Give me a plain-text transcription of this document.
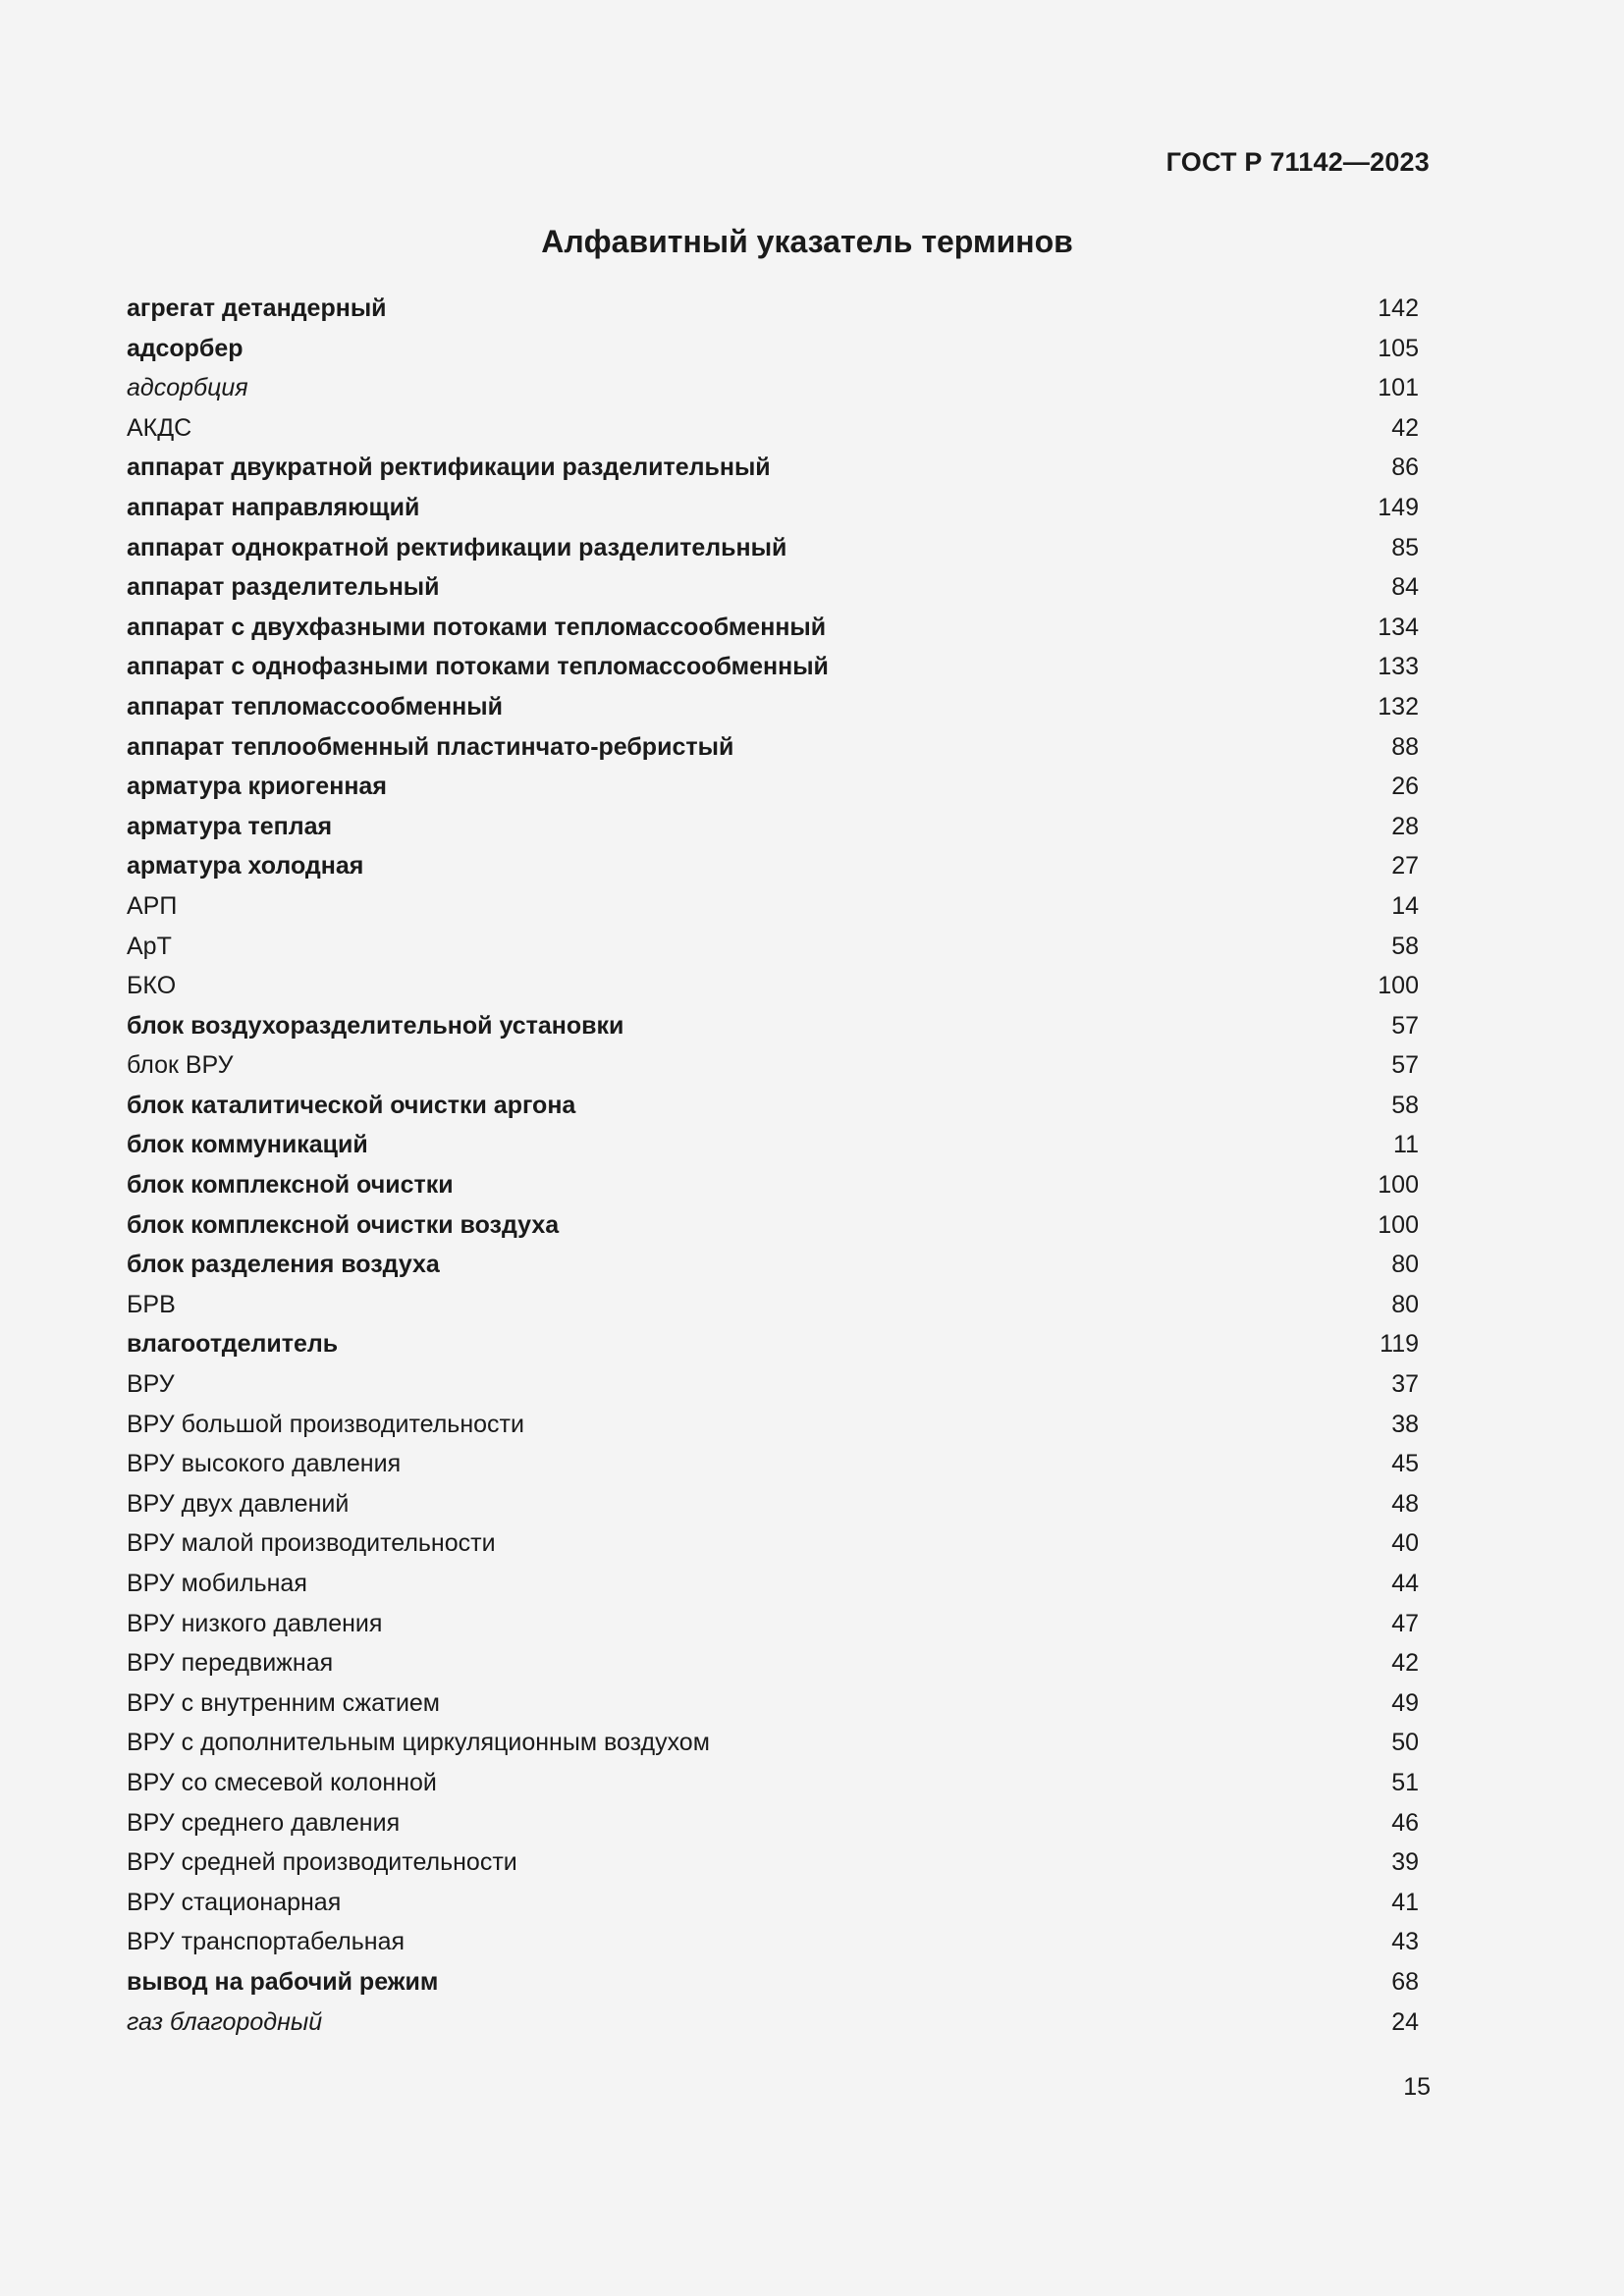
ГОСТ Р 71142—2023
Алфавитный указатель терминов
агрегат детандерный	142
адсорбер	105
адсорбция	101
АКДС	42
аппарат двукратной ректификации разделительный	86
аппарат направляющий	149
аппарат однократной ректификации разделительный	85
аппарат разделительный	84
аппарат с двухфазными потоками тепломассообменный	134
аппарат с однофазными потоками тепломассообменный	133
аппарат тепломассообменный	132
аппарат теплообменный пластинчато-ребристый	88
арматура криогенная	26
арматура теплая	28
арматура холодная	27
АРП	14
АрТ	58
БКО	100
блок воздухоразделительной установки	57
блок ВРУ	57
блок каталитической очистки аргона	58
блок коммуникаций	11
блок комплексной очистки	100
блок комплексной очистки воздуха	100
блок разделения воздуха	80
БРВ	80
влагоотделитель	119
ВРУ	37
ВРУ большой производительности	38
ВРУ высокого давления	45
ВРУ двух давлений	48
ВРУ малой производительности	40
ВРУ мобильная	44
ВРУ низкого давления	47
ВРУ передвижная	42
ВРУ с внутренним сжатием	49
ВРУ с дополнительным циркуляционным воздухом	50
ВРУ со смесевой колонной	51
ВРУ среднего давления	46
ВРУ средней производительности	39
ВРУ стационарная	41
ВРУ транспортабельная	43
вывод на рабочий режим	68
газ благородный	24
15
